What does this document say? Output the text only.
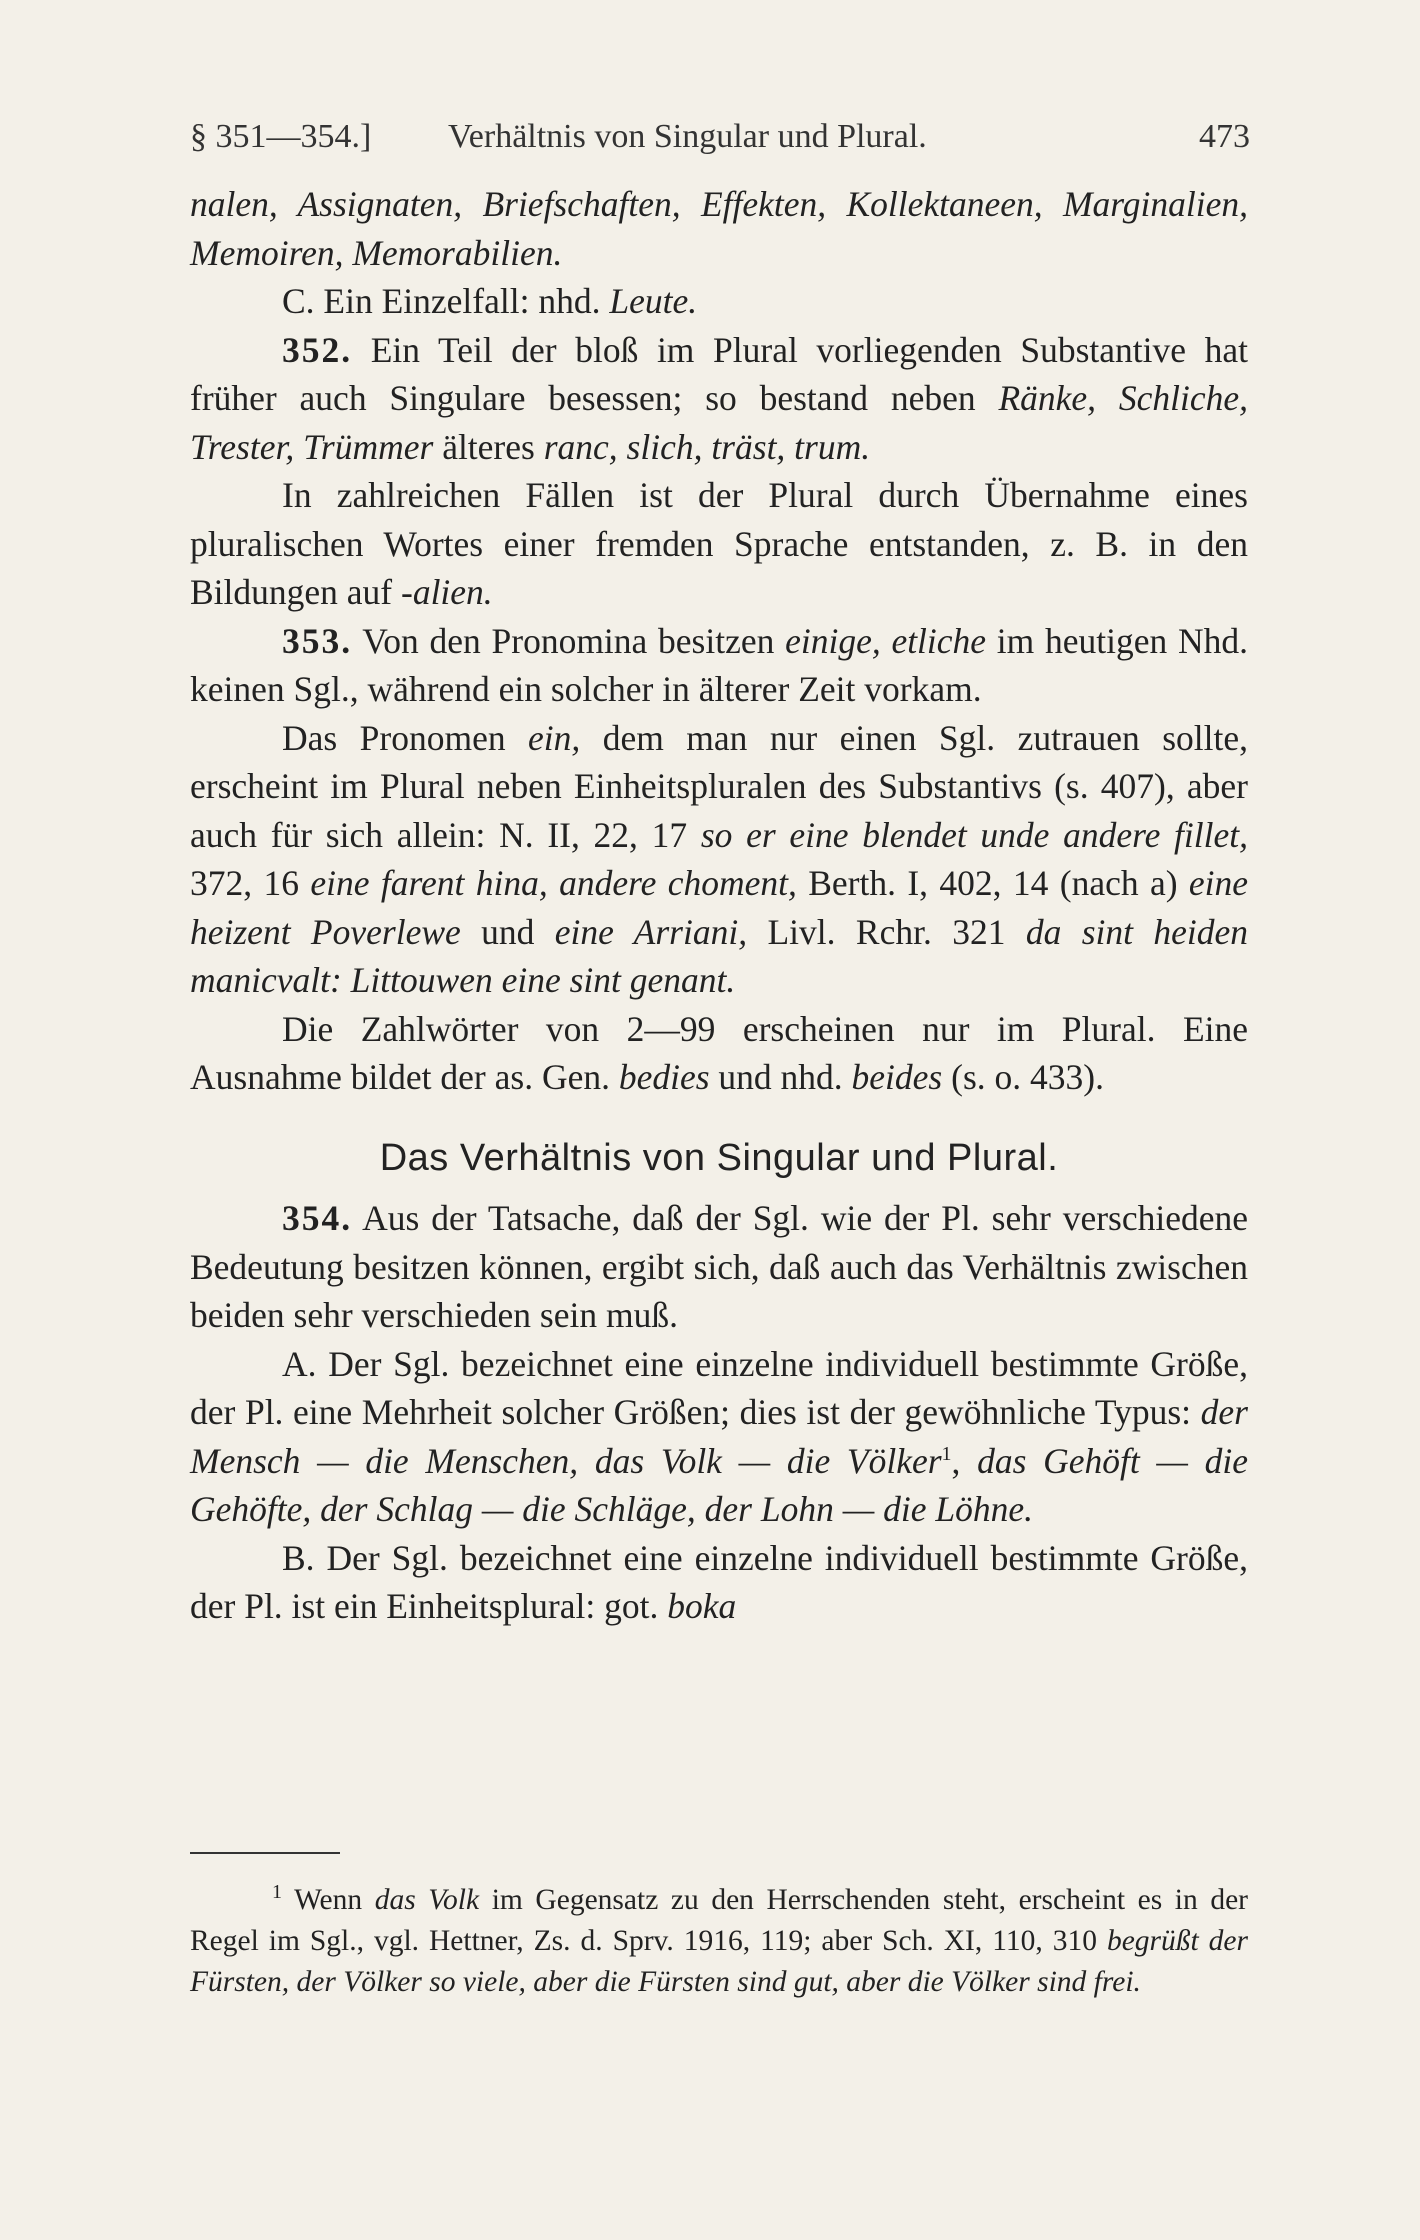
§ 351—354.] Verhältnis von Singular und Plural.	473

nalen, Assignaten, Briefschaften, Effekten, Kollektaneen, Marginalien, Memoiren, Memorabilien.

C. Ein Einzelfall: nhd. Leute.

352. Ein Teil der bloß im Plural vorliegenden Substantive hat früher auch Singulare besessen; so bestand neben Ränke, Schliche, Trester, Trümmer älteres ranc, slich, träst, trum.

In zahlreichen Fällen ist der Plural durch Übernahme eines pluralischen Wortes einer fremden Sprache entstanden, z. B. in den Bildungen auf -alien.

353. Von den Pronomina besitzen einige, etliche im heutigen Nhd. keinen Sgl., während ein solcher in älterer Zeit vorkam.

Das Pronomen ein, dem man nur einen Sgl. zutrauen sollte, erscheint im Plural neben Einheitspluralen des Substantivs (s. 407), aber auch für sich allein: N. II, 22, 17 so er eine blendet unde andere fillet, 372, 16 eine farent hina, andere choment, Berth. I, 402, 14 (nach a) eine heizent Poverlewe und eine Arriani, Livl. Rchr. 321 da sint heiden manicvalt: Littouwen eine sint genant.

Die Zahlwörter von 2—99 erscheinen nur im Plural. Eine Ausnahme bildet der as. Gen. bedies und nhd. beides (s. o. 433).

Das Verhältnis von Singular und Plural.

354. Aus der Tatsache, daß der Sgl. wie der Pl. sehr verschiedene Bedeutung besitzen können, ergibt sich, daß auch das Verhältnis zwischen beiden sehr verschieden sein muß.

A. Der Sgl. bezeichnet eine einzelne individuell bestimmte Größe, der Pl. eine Mehrheit solcher Größen; dies ist der gewöhnliche Typus: der Mensch — die Menschen, das Volk — die Völker$^1$, das Gehöft — die Gehöfte, der Schlag — die Schläge, der Lohn — die Löhne.

B. Der Sgl. bezeichnet eine einzelne individuell bestimmte Größe, der Pl. ist ein Einheitsplural: got. boka

$^1$ Wenn das Volk im Gegensatz zu den Herrschenden steht, erscheint es in der Regel im Sgl., vgl. Hettner, Zs. d. Sprv. 1916, 119; aber Sch. XI, 110, 310 begrüßt der Fürsten, der Völker so viele, aber die Fürsten sind gut, aber die Völker sind frei.
